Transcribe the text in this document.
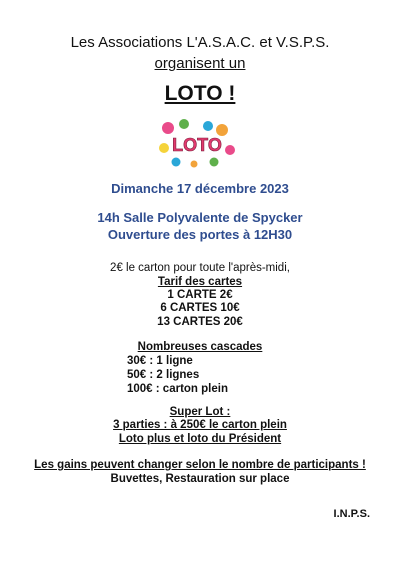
Les Associations L'A.S.A.C. et V.S.P.S.
organisent un
LOTO !
LOTO
Dimanche 17 décembre 2023
14h Salle Polyvalente de Spycker
Ouverture des portes à 12H30
2€ le carton pour toute l'après-midi,
Tarif des cartes
1 CARTE 2€
6 CARTES 10€
13 CARTES 20€
Nombreuses cascades
30€ : 1 ligne
50€ : 2 lignes
100€ : carton plein
Super Lot :
3 parties : à 250€ le carton plein
Loto plus et loto du Président
Les gains peuvent changer selon le nombre de participants !
Buvettes, Restauration sur place
I.N.P.S.
